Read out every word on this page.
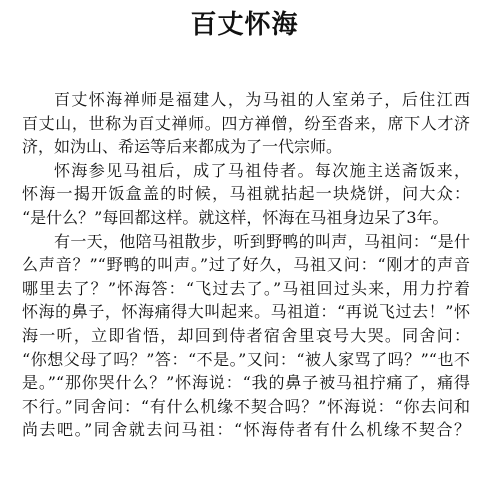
百丈怀海
百丈怀海禅师是福建人，为马祖的人室弟子，后住江西
百丈山，世称为百丈禅师。四方禅僧，纷至沓来，席下人才济
济，如沩山、希运等后来都成为了一代宗师。
怀海参见马祖后，成了马祖侍者。每次施主送斋饭来，
怀海一揭开饭盒盖的时候，马祖就拈起一块烧饼，问大众：
“是什么？”每回都这样。就这样，怀海在马祖身边呆了3年。
有一天，他陪马祖散步，听到野鸭的叫声，马祖问：“是什
么声音？”“野鸭的叫声。”过了好久，马祖又问：“刚才的声音
哪里去了？”怀海答：“飞过去了。”马祖回过头来，用力拧着
怀海的鼻子，怀海痛得大叫起来。马祖道：“再说飞过去！”怀
海一听，立即省悟，却回到侍者宿舍里哀号大哭。同舍问：
“你想父母了吗？”答：“不是。”又问：“被人家骂了吗？”“也不
是。”“那你哭什么？”怀海说：“我的鼻子被马祖拧痛了，痛得
不行。”同舍问：“有什么机缘不契合吗？”怀海说：“你去问和
尚去吧。”同舍就去问马祖：“怀海侍者有什么机缘不契合？
